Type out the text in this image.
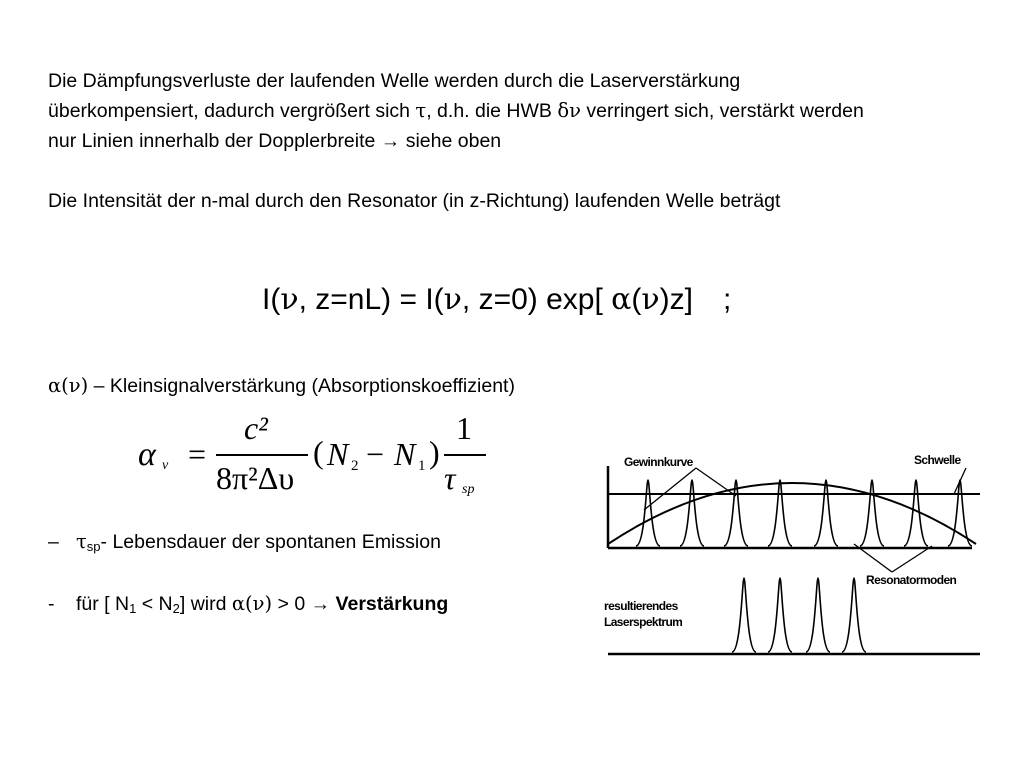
Die Dämpfungsverluste der laufenden Welle werden durch die Laserverstärkung überkompensiert, dadurch vergrößert sich τ, d.h. die HWB δν verringert sich, verstärkt werden nur Linien innerhalb der Dopplerbreite → siehe oben

Die Intensität der n-mal durch den Resonator (in z-Richtung) laufenden Welle beträgt

I(ν, z=nL) = I(ν, z=0) exp[ α(ν)z] ;
α(ν) – Kleinsignalverstärkung (Absorptionskoeffizient)
α ν =
c²
8π²Δυ
( N 2 − N 1 )
1
τ sp
– $\tau_{sp}-$ Lebensdauer der spontanen Emission
- für [ $N_1 < N_2$] wird α(ν) > 0 → Verstärkung
Gewinnkurve	Schwelle
Resonatormoden
resultierendes
Laserspektrum
